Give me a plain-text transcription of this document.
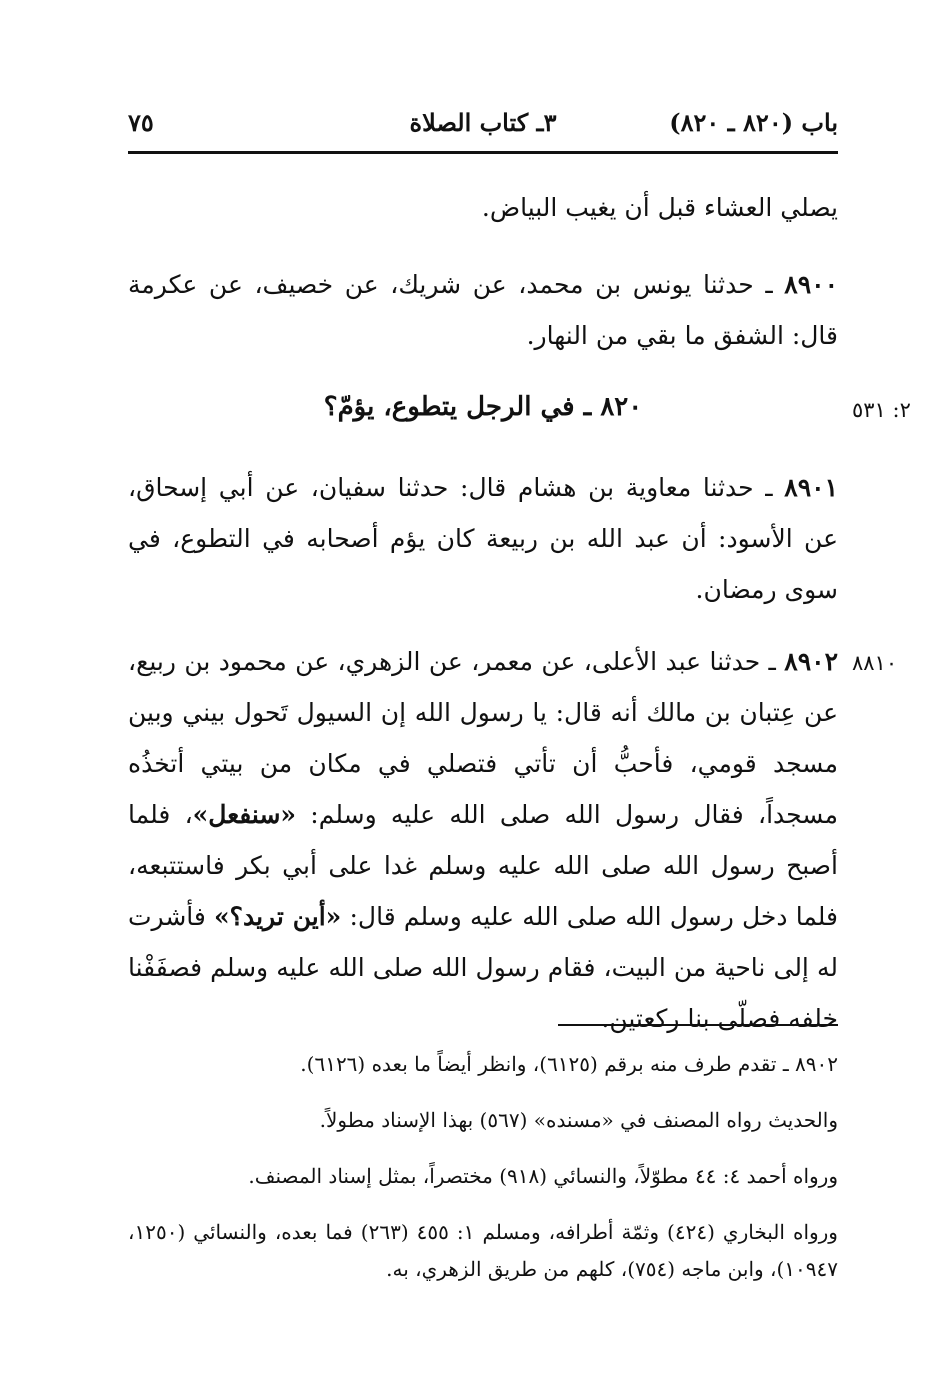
باب (٨٢٠ ـ ٨٢٠)
٣ـ كتاب الصلاة
٧٥

يصلي العشاء قبل أن يغيب البياض.

٨٩٠٠ ـ حدثنا يونس بن محمد، عن شريك، عن خصيف، عن عكرمة قال: الشفق ما بقي من النهار.

٢: ٥٣١

٨٢٠ ـ في الرجل يتطوع، يؤمّ؟

٨٩٠١ ـ حدثنا معاوية بن هشام قال: حدثنا سفيان، عن أبي إسحاق، عن الأسود: أن عبد الله بن ربيعة كان يؤم أصحابه في التطوع، في سوى رمضان.

٨٨١٠

٨٩٠٢ ـ حدثنا عبد الأعلى، عن معمر، عن الزهري، عن محمود بن ربيع، عن عِتبان بن مالك أنه قال: يا رسول الله إن السيول تَحول بيني وبين مسجد قومي، فأحبُّ أن تأتي فتصلي في مكان من بيتي أتخذُه مسجداً، فقال رسول الله صلى الله عليه وسلم: «سنفعل»، فلما أصبح رسول الله صلى الله عليه وسلم غدا على أبي بكر فاستتبعه، فلما دخل رسول الله صلى الله عليه وسلم قال: «أين تريد؟» فأشرت له إلى ناحية من البيت، فقام رسول الله صلى الله عليه وسلم فصفَفْنا خلفه فصلّى بنا ركعتين.

٨٩٠٢ ـ تقدم طرف منه برقم (٦١٢٥)، وانظر أيضاً ما بعده (٦١٢٦).

والحديث رواه المصنف في «مسنده» (٥٦٧) بهذا الإسناد مطولاً.

ورواه أحمد ٤: ٤٤ مطوّلاً، والنسائي (٩١٨) مختصراً، بمثل إسناد المصنف.

ورواه البخاري (٤٢٤) وثمّة أطرافه، ومسلم ١: ٤٥٥ (٢٦٣) فما بعده، والنسائي (١٢٥٠، ١٠٩٤٧)، وابن ماجه (٧٥٤)، كلهم من طريق الزهري، به.
